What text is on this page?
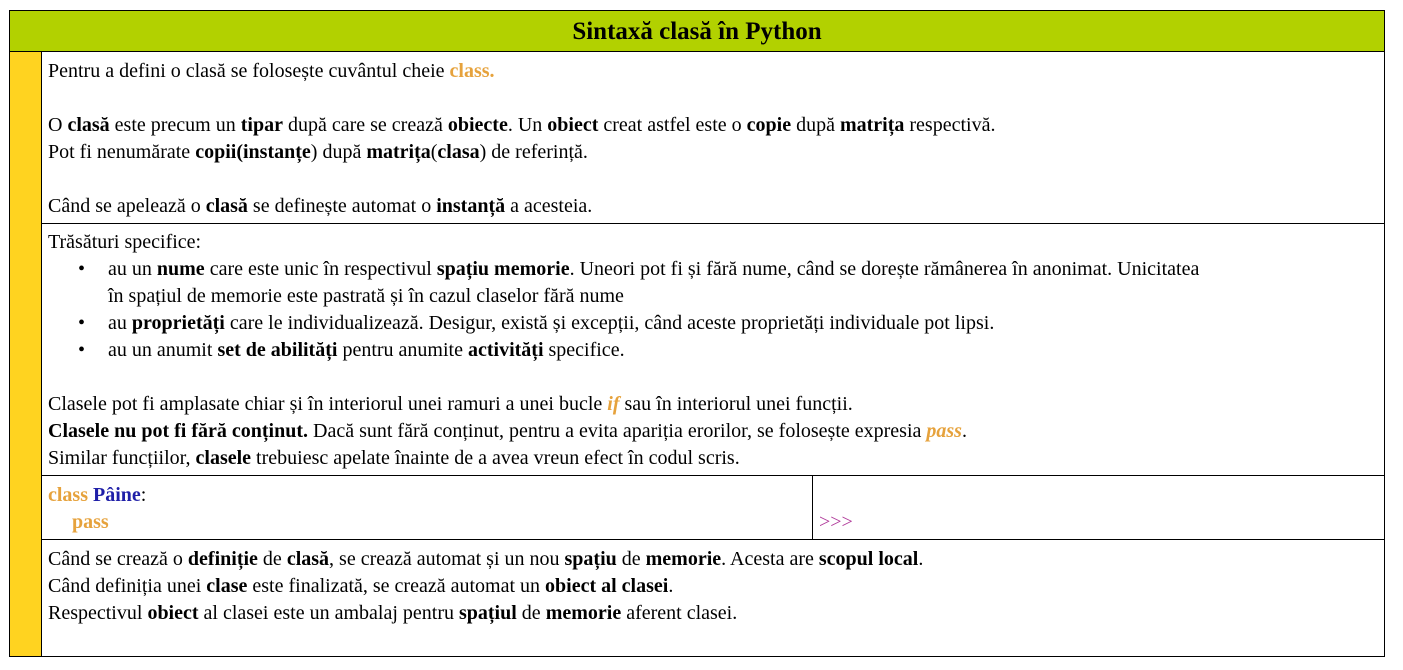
Sintaxă clasă în Python

Pentru a defini o clasă se folosește cuvântul cheie class.

O clasă este precum un tipar după care se crează obiecte. Un obiect creat astfel este o copie după matrița respectivă.

Pot fi nenumărate copii(instanțe) după matrița(clasa) de referință.

Când se apelează o clasă se definește automat o instanță a acesteia.

Trăsături specifice:

• au un nume care este unic în respectivul spațiu memorie. Uneori pot fi și fără nume, când se dorește rămânerea în anonimat. Unicitatea
în spațiul de memorie este pastrată și în cazul claselor fără nume
• au proprietăți care le individualizează. Desigur, există și excepții, când aceste proprietăți individuale pot lipsi.
• au un anumit set de abilități pentru anumite activități specifice.

Clasele pot fi amplasate chiar și în interiorul unei ramuri a unei bucle if sau în interiorul unei funcții.

Clasele nu pot fi fără conținut. Dacă sunt fără conținut, pentru a evita apariția erorilor, se folosește expresia pass.

Similar funcțiilor, clasele trebuiesc apelate înainte de a avea vreun efect în codul scris.

class Pâine:

pass	>>>

Când se crează o definiție de clasă, se crează automat și un nou spațiu de memorie. Acesta are scopul local.

Când definiția unei clase este finalizată, se crează automat un obiect al clasei.

Respectivul obiect al clasei este un ambalaj pentru spațiul de memorie aferent clasei.
